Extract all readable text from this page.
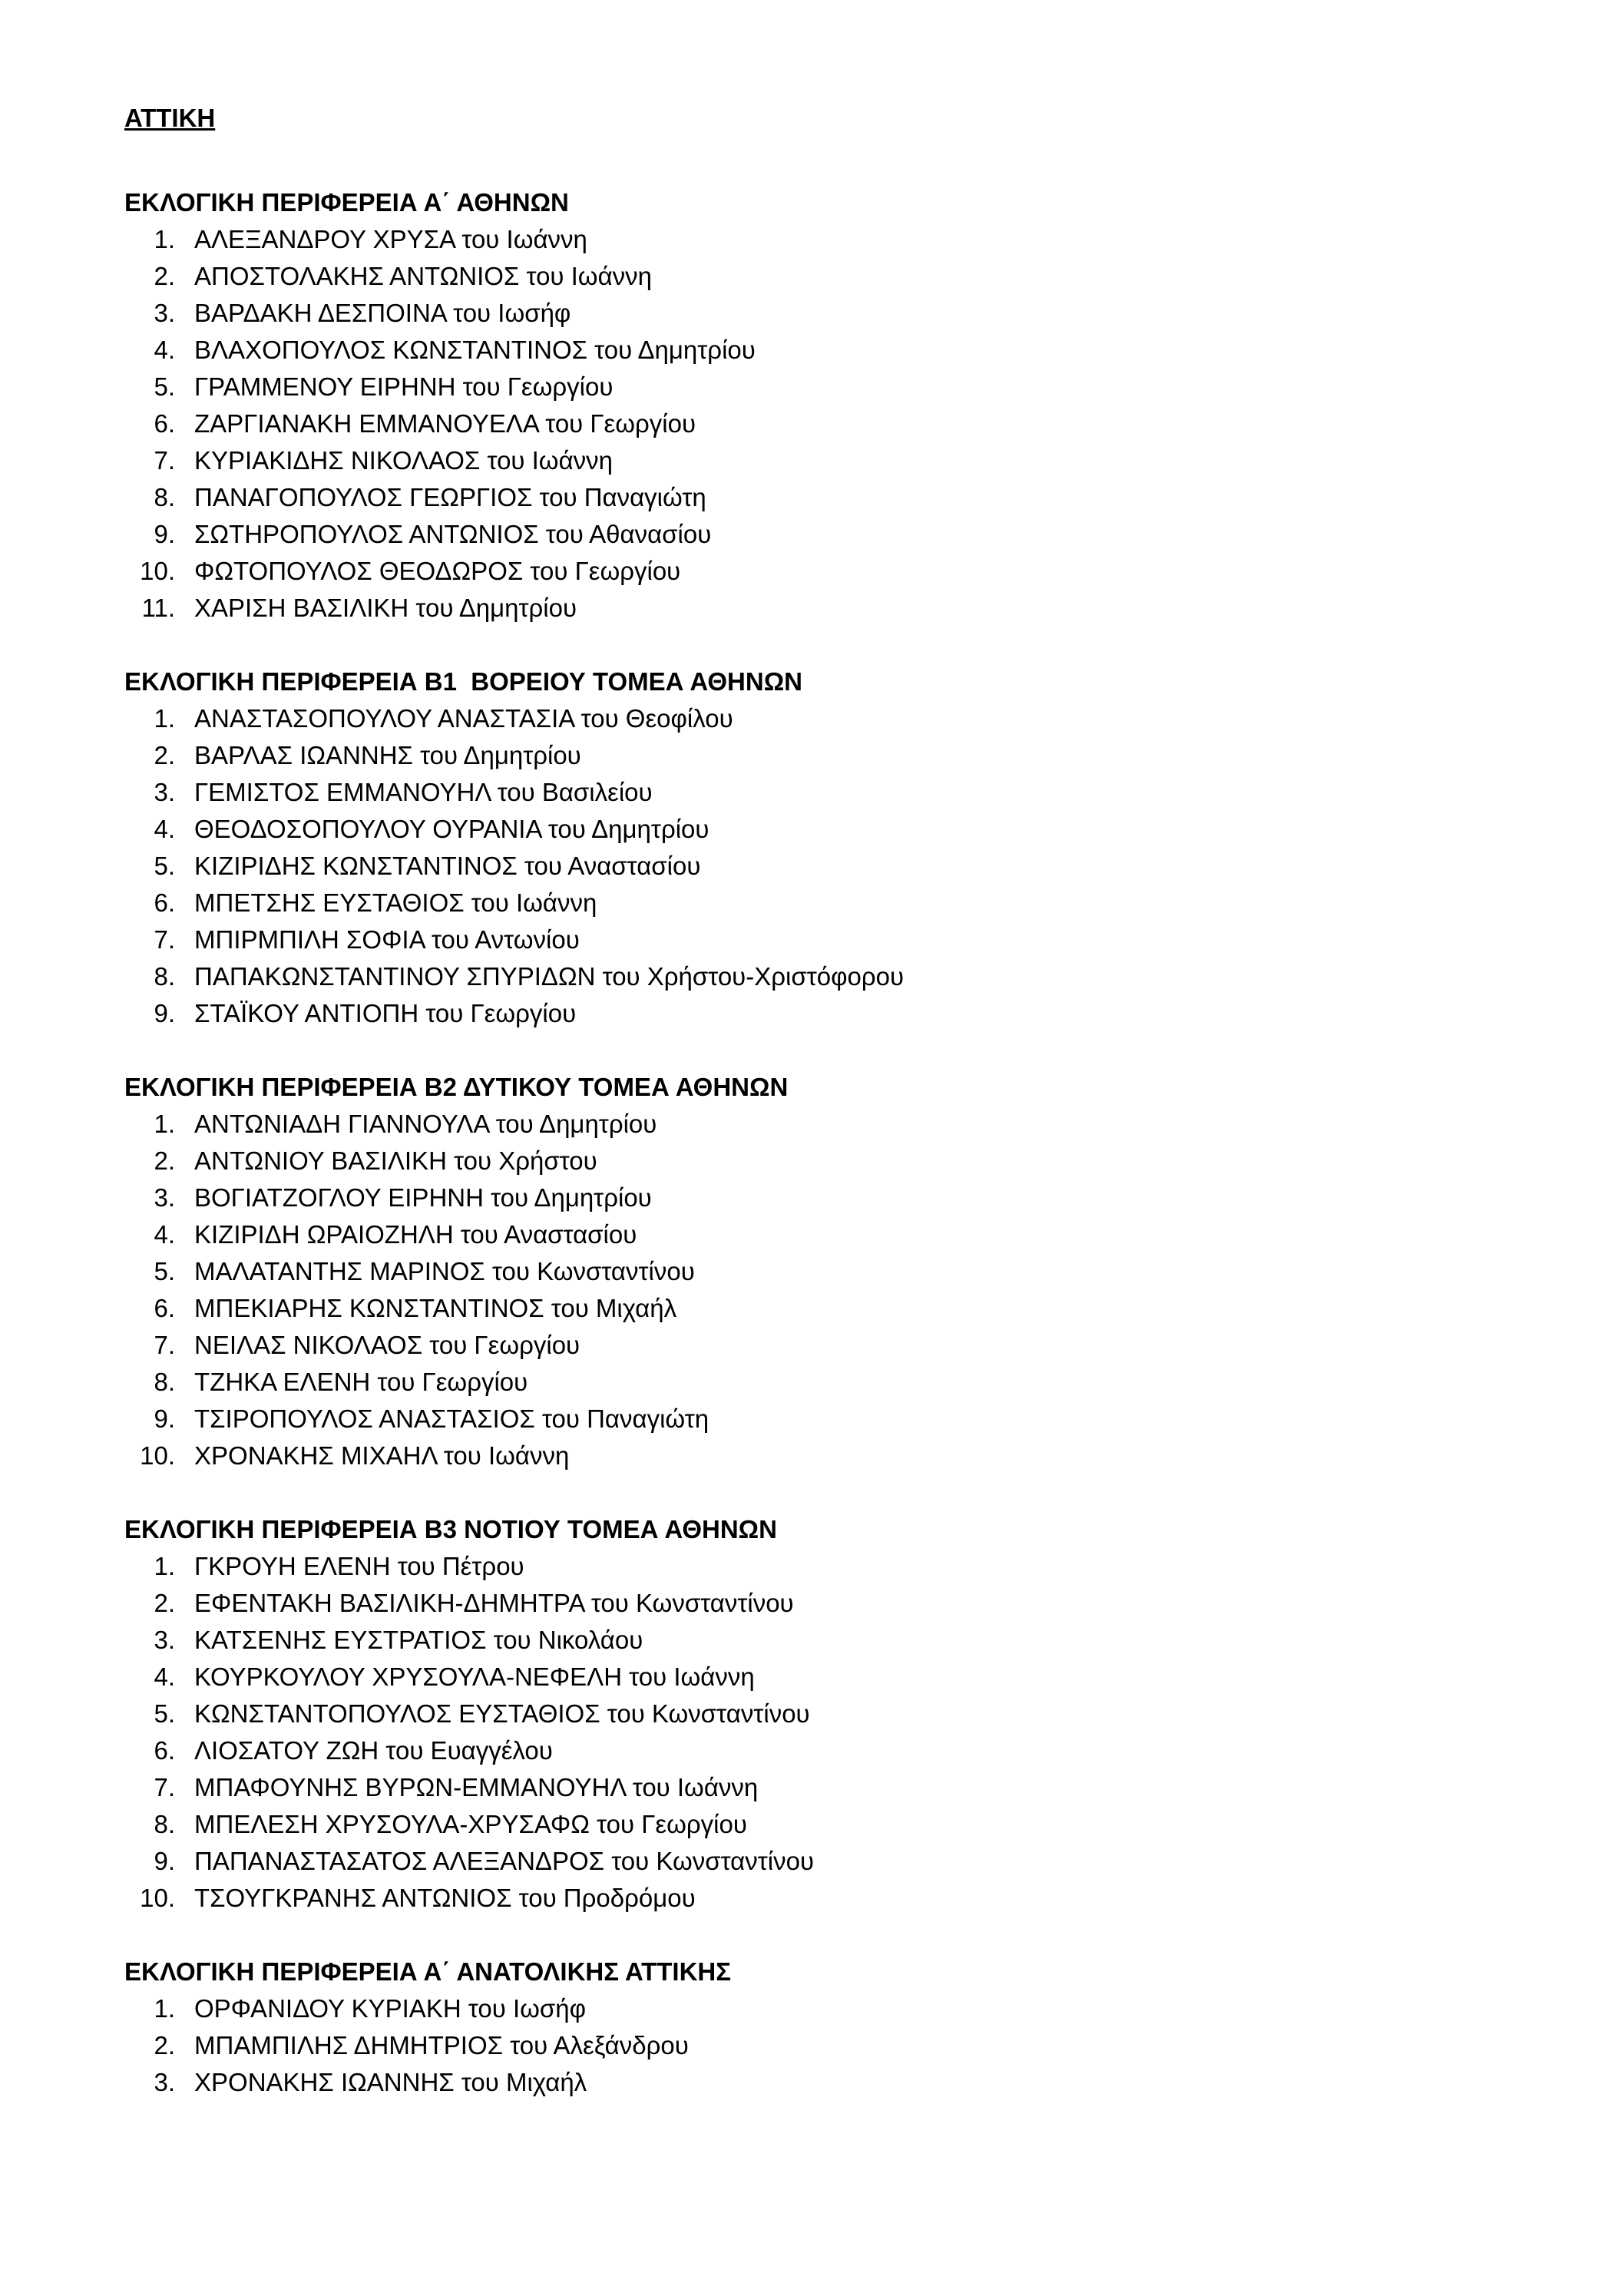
ΑΤΤΙΚΗ
ΕΚΛΟΓΙΚΗ ΠΕΡΙΦΕΡΕΙΑ Α΄ ΑΘΗΝΩΝ
1. ΑΛΕΞΑΝΔΡΟΥ ΧΡΥΣΑ του Ιωάννη
2. ΑΠΟΣΤΟΛΑΚΗΣ ΑΝΤΩΝΙΟΣ του Ιωάννη
3. ΒΑΡΔΑΚΗ ΔΕΣΠΟΙΝΑ του Ιωσήφ
4. ΒΛΑΧΟΠΟΥΛΟΣ ΚΩΝΣΤΑΝΤΙΝΟΣ του Δημητρίου
5. ΓΡΑΜΜΕΝΟΥ ΕΙΡΗΝΗ του Γεωργίου
6. ΖΑΡΓΙΑΝΑΚΗ ΕΜΜΑΝΟΥΕΛΑ του Γεωργίου
7. ΚΥΡΙΑΚΙΔΗΣ ΝΙΚΟΛΑΟΣ του Ιωάννη
8. ΠΑΝΑΓΟΠΟΥΛΟΣ ΓΕΩΡΓΙΟΣ του Παναγιώτη
9. ΣΩΤΗΡΟΠΟΥΛΟΣ ΑΝΤΩΝΙΟΣ του Αθανασίου
10. ΦΩΤΟΠΟΥΛΟΣ ΘΕΟΔΩΡΟΣ του Γεωργίου
11. ΧΑΡΙΣΗ ΒΑΣΙΛΙΚΗ του Δημητρίου
ΕΚΛΟΓΙΚΗ ΠΕΡΙΦΕΡΕΙΑ Β1  ΒΟΡΕΙΟΥ ΤΟΜΕΑ ΑΘΗΝΩΝ
1. ΑΝΑΣΤΑΣΟΠΟΥΛΟΥ ΑΝΑΣΤΑΣΙΑ του Θεοφίλου
2. ΒΑΡΛΑΣ ΙΩΑΝΝΗΣ του Δημητρίου
3. ΓΕΜΙΣΤΟΣ ΕΜΜΑΝΟΥΗΛ του Βασιλείου
4. ΘΕΟΔΟΣΟΠΟΥΛΟΥ ΟΥΡΑΝΙΑ του Δημητρίου
5. ΚΙΖΙΡΙΔΗΣ ΚΩΝΣΤΑΝΤΙΝΟΣ του Αναστασίου
6. ΜΠΕΤΣΗΣ ΕΥΣΤΑΘΙΟΣ του Ιωάννη
7. ΜΠΙΡΜΠΙΛΗ ΣΟΦΙΑ του Αντωνίου
8. ΠΑΠΑΚΩΝΣΤΑΝΤΙΝΟΥ ΣΠΥΡΙΔΩΝ του Χρήστου-Χριστόφορου
9. ΣΤΑΪΚΟΥ ΑΝΤΙΟΠΗ του Γεωργίου
ΕΚΛΟΓΙΚΗ ΠΕΡΙΦΕΡΕΙΑ Β2 ΔΥΤΙΚΟΥ ΤΟΜΕΑ ΑΘΗΝΩΝ
1. ΑΝΤΩΝΙΑΔΗ ΓΙΑΝΝΟΥΛΑ του Δημητρίου
2. ΑΝΤΩΝΙΟΥ ΒΑΣΙΛΙΚΗ του Χρήστου
3. ΒΟΓΙΑΤΖΟΓΛΟΥ ΕΙΡΗΝΗ του Δημητρίου
4. ΚΙΖΙΡΙΔΗ ΩΡΑΙΟΖΗΛΗ του Αναστασίου
5. ΜΑΛΑΤΑΝΤΗΣ ΜΑΡΙΝΟΣ του Κωνσταντίνου
6. ΜΠΕΚΙΑΡΗΣ ΚΩΝΣΤΑΝΤΙΝΟΣ του Μιχαήλ
7. ΝΕΙΛΑΣ ΝΙΚΟΛΑΟΣ του Γεωργίου
8. ΤΖΗΚΑ ΕΛΕΝΗ του Γεωργίου
9. ΤΣΙΡΟΠΟΥΛΟΣ ΑΝΑΣΤΑΣΙΟΣ του Παναγιώτη
10. ΧΡΟΝΑΚΗΣ ΜΙΧΑΗΛ του Ιωάννη
ΕΚΛΟΓΙΚΗ ΠΕΡΙΦΕΡΕΙΑ Β3 ΝΟΤΙΟΥ ΤΟΜΕΑ ΑΘΗΝΩΝ
1. ΓΚΡΟΥΗ ΕΛΕΝΗ του Πέτρου
2. ΕΦΕΝΤΑΚΗ ΒΑΣΙΛΙΚΗ-ΔΗΜΗΤΡΑ του Κωνσταντίνου
3. ΚΑΤΣΕΝΗΣ ΕΥΣΤΡΑΤΙΟΣ του Νικολάου
4. ΚΟΥΡΚΟΥΛΟΥ ΧΡΥΣΟΥΛΑ-ΝΕΦΕΛΗ του Ιωάννη
5. ΚΩΝΣΤΑΝΤΟΠΟΥΛΟΣ ΕΥΣΤΑΘΙΟΣ του Κωνσταντίνου
6. ΛΙΟΣΑΤΟΥ ΖΩΗ του Ευαγγέλου
7. ΜΠΑΦΟΥΝΗΣ ΒΥΡΩΝ-ΕΜΜΑΝΟΥΗΛ του Ιωάννη
8. ΜΠΕΛΕΣΗ ΧΡΥΣΟΥΛΑ-ΧΡΥΣΑΦΩ του Γεωργίου
9. ΠΑΠΑΝΑΣΤΑΣΑΤΟΣ ΑΛΕΞΑΝΔΡΟΣ του Κωνσταντίνου
10. ΤΣΟΥΓΚΡΑΝΗΣ ΑΝΤΩΝΙΟΣ του Προδρόμου
ΕΚΛΟΓΙΚΗ ΠΕΡΙΦΕΡΕΙΑ Α΄ ΑΝΑΤΟΛΙΚΗΣ ΑΤΤΙΚΗΣ
1. ΟΡΦΑΝΙΔΟΥ ΚΥΡΙΑΚΗ του Ιωσήφ
2. ΜΠΑΜΠΙΛΗΣ ΔΗΜΗΤΡΙΟΣ του Αλεξάνδρου
3. ΧΡΟΝΑΚΗΣ ΙΩΑΝΝΗΣ του Μιχαήλ
